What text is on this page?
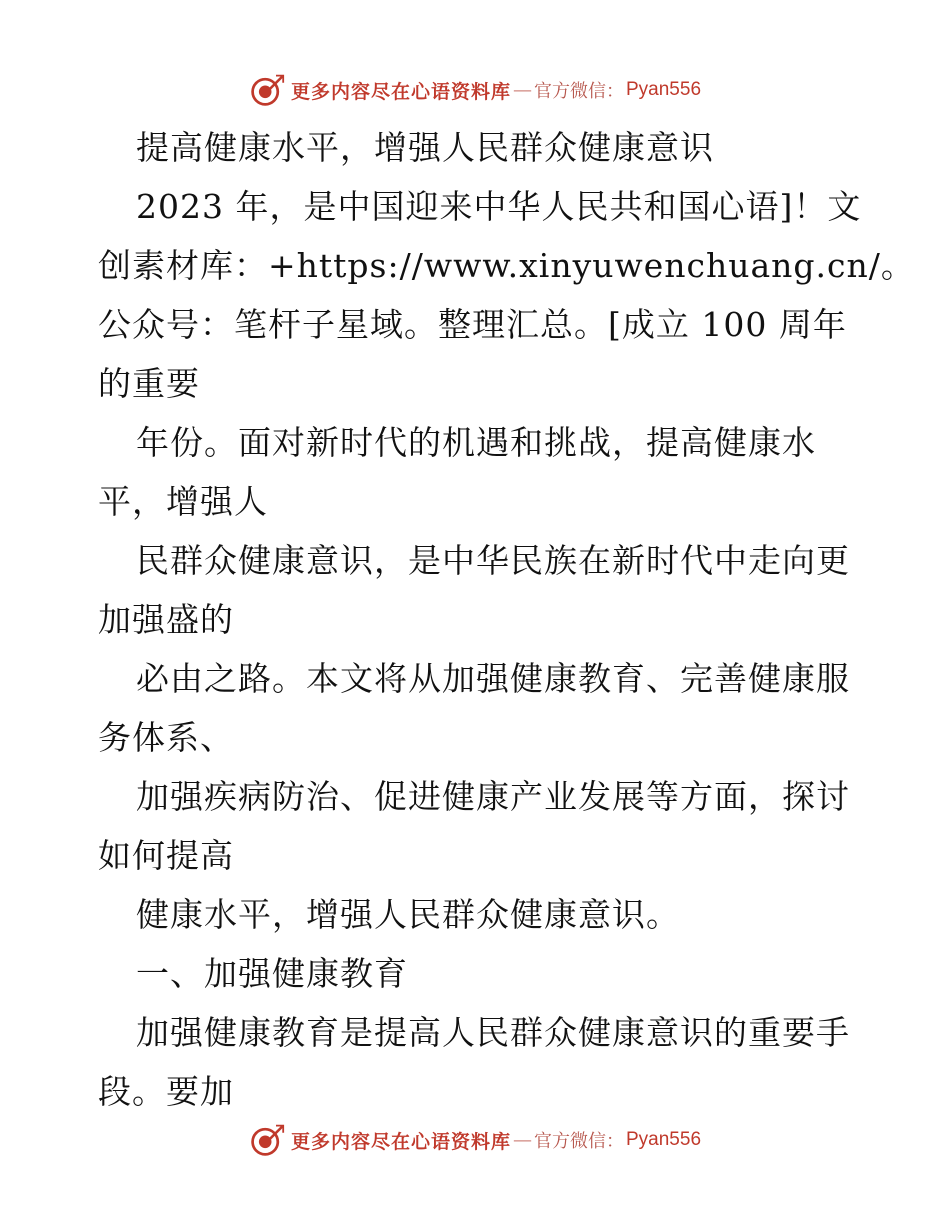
更多内容尽在心语资料库 — 官方微信： Pyan556
提高健康水平，增强人民群众健康意识
2023 年，是中国迎来中华人民共和国心语]！文
创素材库：+https://www.xinyuwenchuang.cn/。
公众号：笔杆子星域。整理汇总。[成立 100 周年
的重要
年份。面对新时代的机遇和挑战，提高健康水
平，增强人
民群众健康意识，是中华民族在新时代中走向更
加强盛的
必由之路。本文将从加强健康教育、完善健康服
务体系、
加强疾病防治、促进健康产业发展等方面，探讨
如何提高
健康水平，增强人民群众健康意识。
一、加强健康教育
加强健康教育是提高人民群众健康意识的重要手
段。要加
更多内容尽在心语资料库 — 官方微信： Pyan556
